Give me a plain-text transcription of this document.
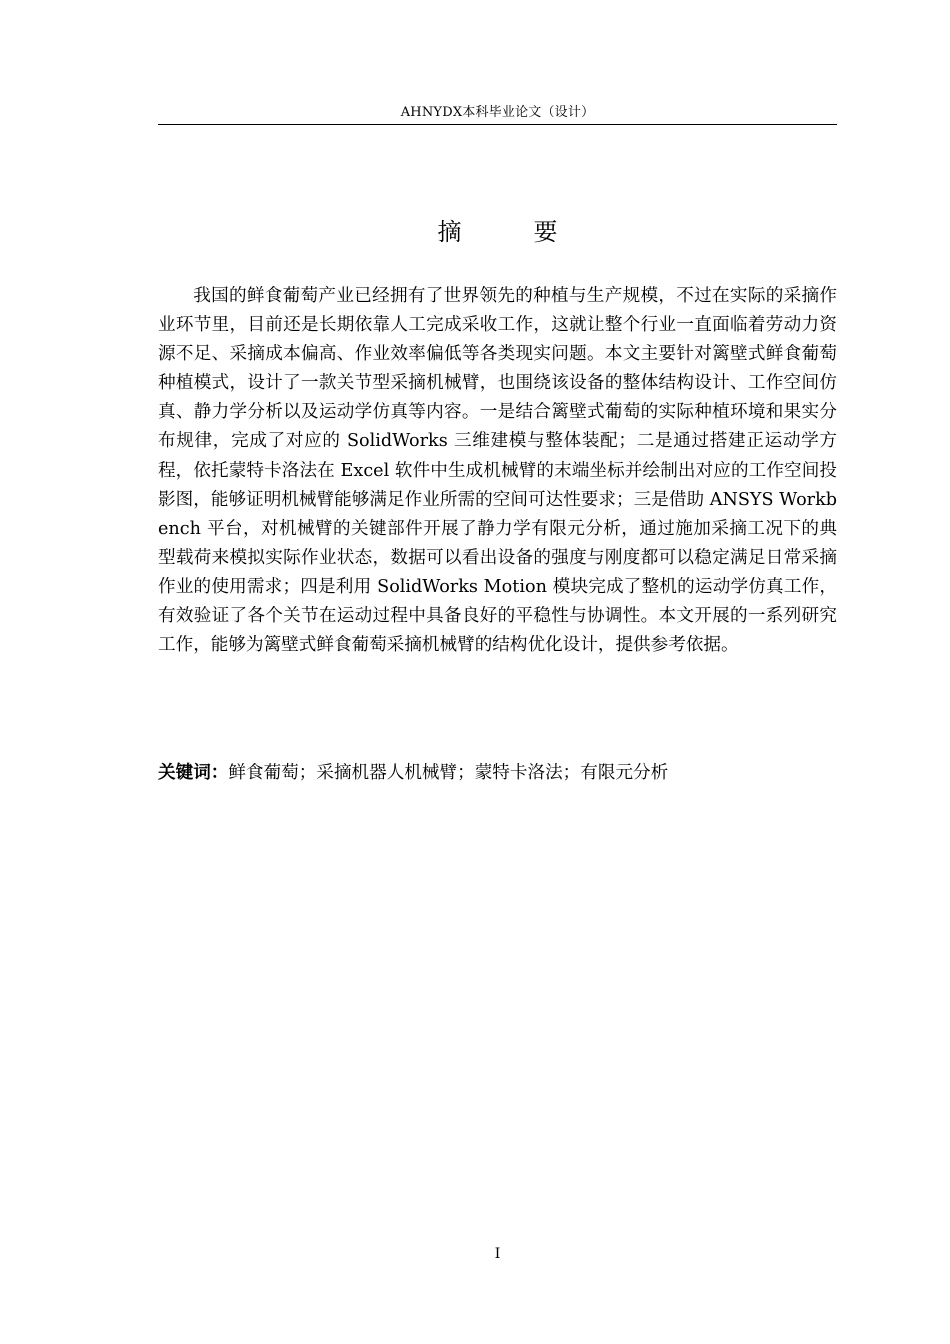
AHNYDX本科毕业论文（设计）
摘　要

我国的鲜食葡萄产业已经拥有了世界领先的种植与生产规模，不过在实际的采摘作业环节里，目前还是长期依靠人工完成采收工作，这就让整个行业一直面临着劳动力资源不足、采摘成本偏高、作业效率偏低等各类现实问题。本文主要针对篱壁式鲜食葡萄种植模式，设计了一款关节型采摘机械臂，也围绕该设备的整体结构设计、工作空间仿真、静力学分析以及运动学仿真等内容。一是结合篱壁式葡萄的实际种植环境和果实分布规律，完成了对应的 SolidWorks 三维建模与整体装配；二是通过搭建正运动学方程，依托蒙特卡洛法在 Excel 软件中生成机械臂的末端坐标并绘制出对应的工作空间投影图，能够证明机械臂能够满足作业所需的空间可达性要求；三是借助 ANSYS Workbench 平台，对机械臂的关键部件开展了静力学有限元分析，通过施加采摘工况下的典型载荷来模拟实际作业状态，数据可以看出设备的强度与刚度都可以稳定满足日常采摘作业的使用需求；四是利用 SolidWorks Motion 模块完成了整机的运动学仿真工作，有效验证了各个关节在运动过程中具备良好的平稳性与协调性。本文开展的一系列研究工作，能够为篱壁式鲜食葡萄采摘机械臂的结构优化设计，提供参考依据。

关键词：鲜食葡萄；采摘机器人机械臂；蒙特卡洛法；有限元分析
I
